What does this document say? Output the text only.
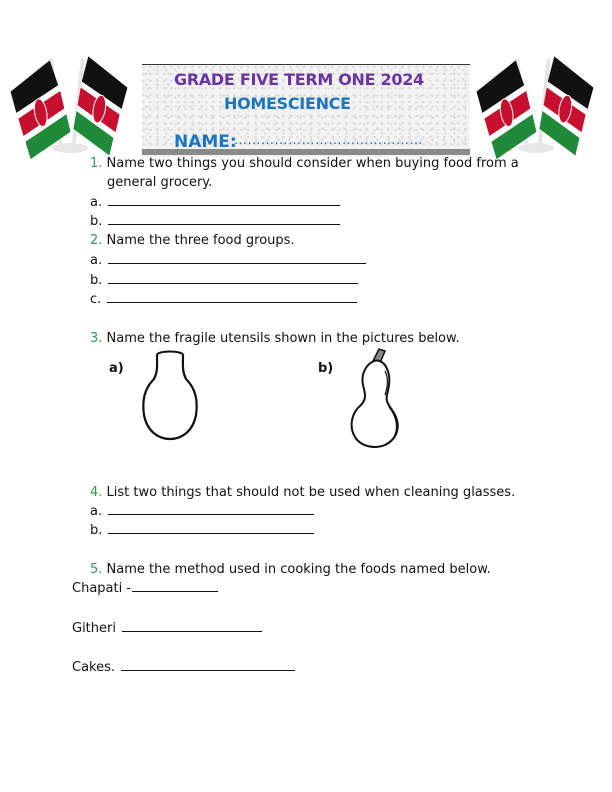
GRADE FIVE TERM ONE 2024
HOMESCIENCE
NAME:
……………………………………
1. Name two things you should consider when buying food from a
general grocery.
a.
b.
2. Name the three food groups.
a.
b.
c.
3. Name the fragile utensils shown in the pictures below.
a)	b)
4. List two things that should not be used when cleaning glasses.
a.
b.
5. Name the method used in cooking the foods named below.
Chapati -
Githeri
Cakes.
